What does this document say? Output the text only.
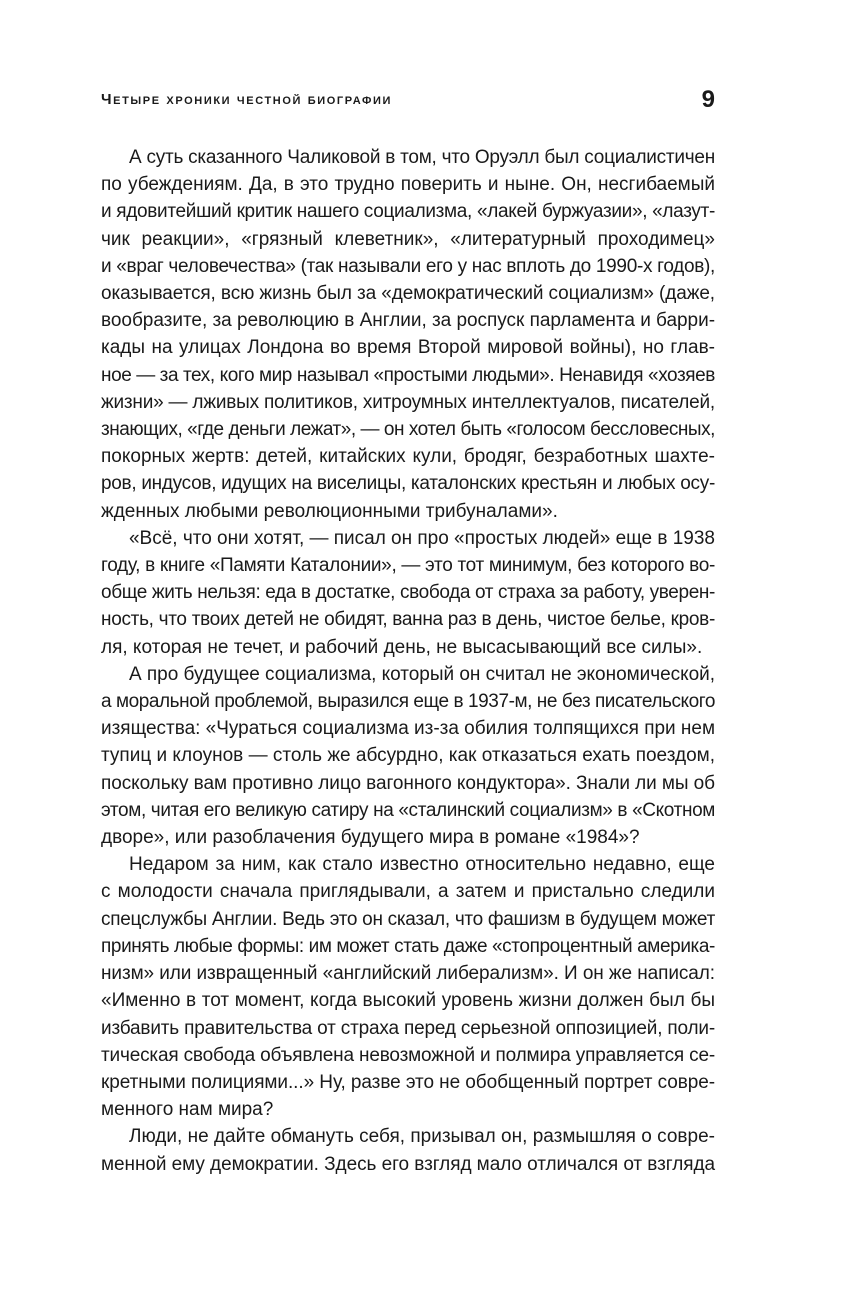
Четыре хроники честной биографии	9

А суть сказанного Чаликовой в том, что Оруэлл был социалистичен
по убеждениям. Да, в это трудно поверить и ныне. Он, несгибаемый
и ядовитейший критик нашего социализма, «лакей буржуазии», «лазут-
чик реакции», «грязный клеветник», «литературный проходимец»
и «враг человечества» (так называли его у нас вплоть до 1990-х годов),
оказывается, всю жизнь был за «демократический социализм» (даже,
вообразите, за революцию в Англии, за роспуск парламента и барри-
кады на улицах Лондона во время Второй мировой войны), но глав-
ное — за тех, кого мир называл «простыми людьми». Ненавидя «хозяев
жизни» — лживых политиков, хитроумных интеллектуалов, писателей,
знающих, «где деньги лежат», — он хотел быть «голосом бессловесных,
покорных жертв: детей, китайских кули, бродяг, безработных шахте-
ров, индусов, идущих на виселицы, каталонских крестьян и любых осу-
жденных любыми революционными трибуналами».

«Всё, что они хотят, — писал он про «простых людей» еще в 1938
году, в книге «Памяти Каталонии», — это тот минимум, без которого во-
обще жить нельзя: еда в достатке, свобода от страха за работу, уверен-
ность, что твоих детей не обидят, ванна раз в день, чистое белье, кров-
ля, которая не течет, и рабочий день, не высасывающий все силы».

А про будущее социализма, который он считал не экономической,
а моральной проблемой, выразился еще в 1937-м, не без писательского
изящества: «Чураться социализма из-за обилия толпящихся при нем
тупиц и клоунов — столь же абсурдно, как отказаться ехать поездом,
поскольку вам противно лицо вагонного кондуктора». Знали ли мы об
этом, читая его великую сатиру на «сталинский социализм» в «Скотном
дворе», или разоблачения будущего мира в романе «1984»?

Недаром за ним, как стало известно относительно недавно, еще
с молодости сначала приглядывали, а затем и пристально следили
спецслужбы Англии. Ведь это он сказал, что фашизм в будущем может
принять любые формы: им может стать даже «стопроцентный америка-
низм» или извращенный «английский либерализм». И он же написал:
«Именно в тот момент, когда высокий уровень жизни должен был бы
избавить правительства от страха перед серьезной оппозицией, поли-
тическая свобода объявлена невозможной и полмира управляется се-
кретными полициями...» Ну, разве это не обобщенный портрет совре-
менного нам мира?

Люди, не дайте обмануть себя, призывал он, размышляя о совре-
менной ему демократии. Здесь его взгляд мало отличался от взгляда
